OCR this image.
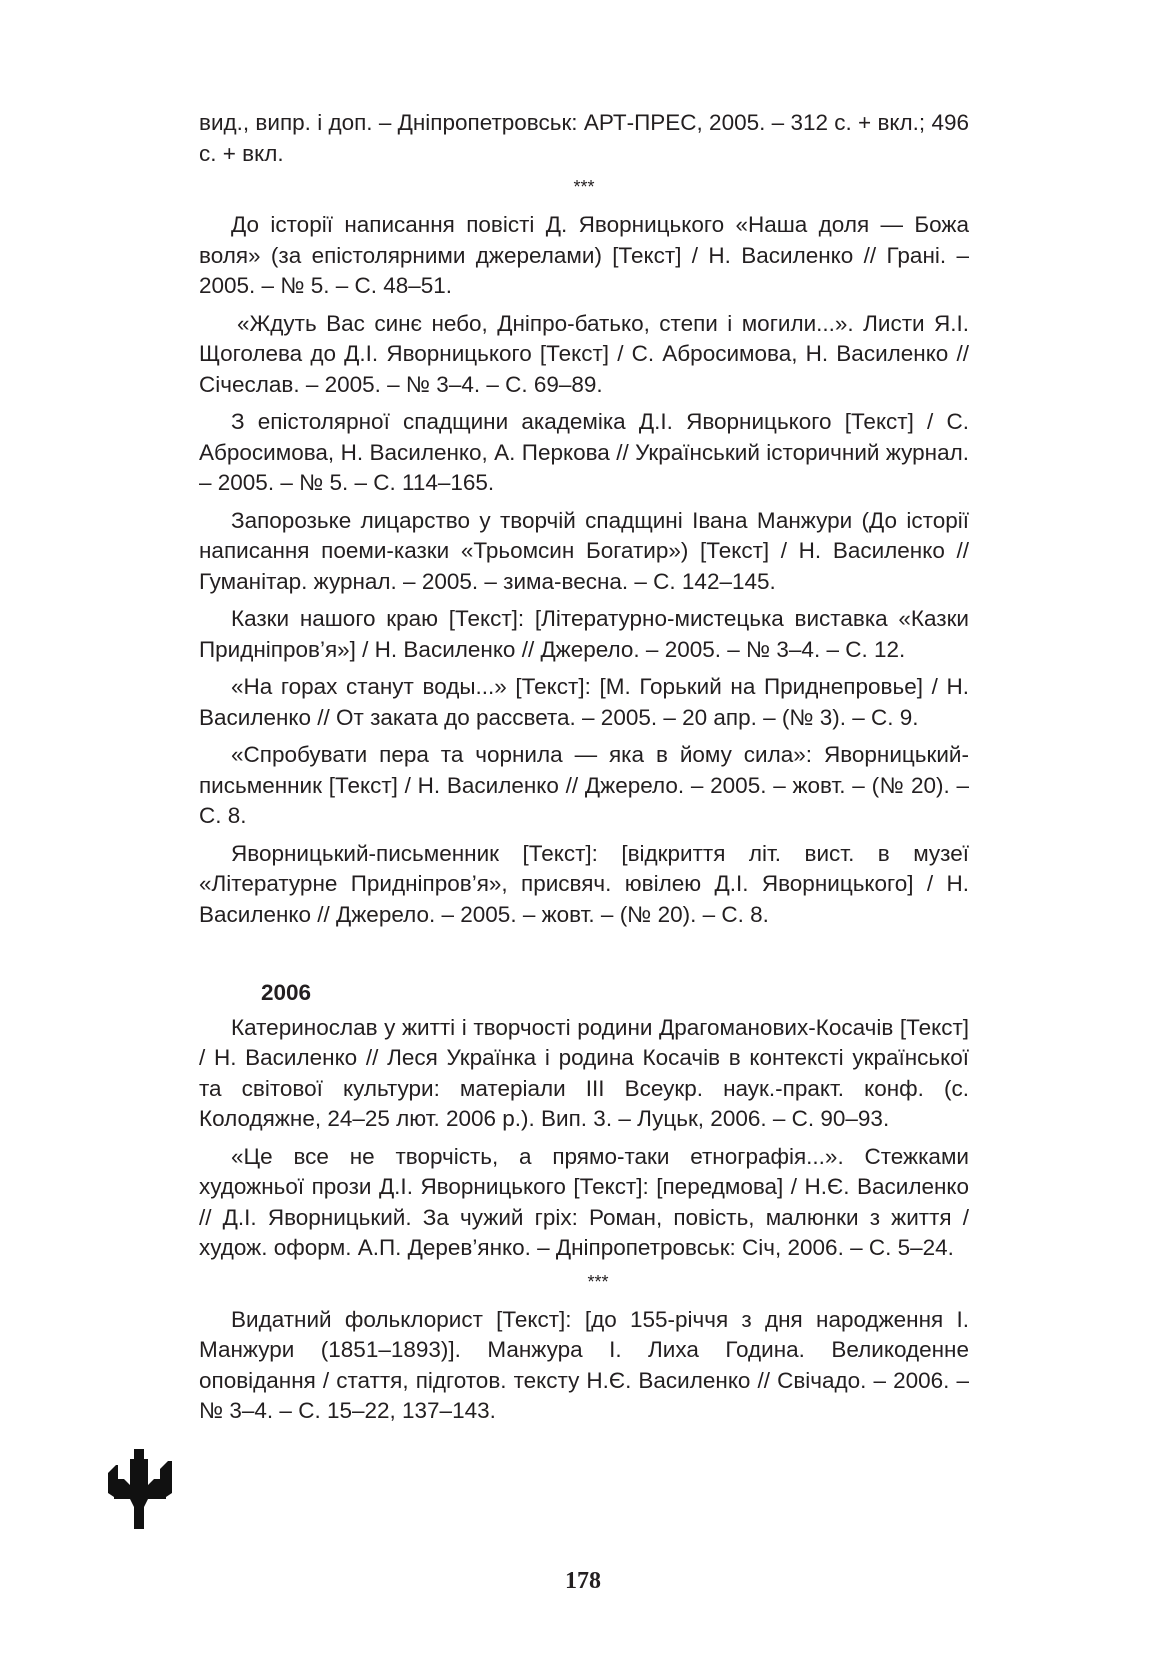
вид., випр. і доп. – Дніпропетровськ: АРТ-ПРЕС, 2005. – 312 с. + вкл.; 496 с. + вкл.

***

До історії написання повісті Д. Яворницького «Наша доля — Божа воля» (за епістолярними джерелами) [Текст] / Н. Василенко // Грані. – 2005. – № 5. – С. 48–51.

«Ждуть Вас синє небо, Дніпро-батько, степи і могили...». Листи Я.І. Щоголева до Д.І. Яворницького [Текст] / С. Абросимова, Н. Василенко // Січеслав. – 2005. – № 3–4. – С. 69–89.

З епістолярної спадщини академіка Д.І. Яворницького [Текст] / С. Абросимова, Н. Василенко, А. Перкова // Український історичний журнал. – 2005. – № 5. – С. 114–165.

Запорозьке лицарство у творчій спадщині Івана Манжури (До історії написання поеми-казки «Трьомсин Богатир») [Текст] / Н. Василенко // Гуманітар. журнал. – 2005. – зима-весна. – С. 142–145.

Казки нашого краю [Текст]: [Літературно-мистецька виставка «Казки Придніпров’я»] / Н. Василенко // Джерело. – 2005. – № 3–4. – С. 12.

«На горах станут воды...» [Текст]: [М. Горький на Приднепровье] / Н. Василенко // От заката до рассвета. – 2005. – 20 апр. – (№ 3). – С. 9.

«Спробувати пера та чорнила — яка в йому сила»: Яворницький-письменник [Текст] / Н. Василенко // Джерело. – 2005. – жовт. – (№ 20). – С. 8.

Яворницький-письменник [Текст]: [відкриття літ. вист. в музеї «Літературне Придніпров’я», присвяч. ювілею Д.І. Яворницького] / Н. Василенко // Джерело. – 2005. – жовт. – (№ 20). – С. 8.

2006

Катеринослав у житті і творчості родини Драгоманових-Косачів [Текст] / Н. Василенко // Леся Українка і родина Косачів в контексті української та світової культури: матеріали ІІІ Всеукр. наук.-практ. конф. (с. Колодяжне, 24–25 лют. 2006 р.). Вип. 3. – Луцьк, 2006. – С. 90–93.

«Це все не творчість, а прямо-таки етнографія...». Стежками художньої прози Д.І. Яворницького [Текст]: [передмова] / Н.Є. Василенко // Д.І. Яворницький. За чужий гріх: Роман, повість, малюнки з життя / худож. оформ. А.П. Дерев’янко. – Дніпропетровськ: Січ, 2006. – С. 5–24.

***

Видатний фольклорист [Текст]: [до 155-річчя з дня народження І. Манжури (1851–1893)]. Манжура І. Лиха Година. Великоденне оповідання / стаття, підготов. тексту Н.Є. Василенко // Свічадо. – 2006. – № 3–4. – С. 15–22, 137–143.

178
